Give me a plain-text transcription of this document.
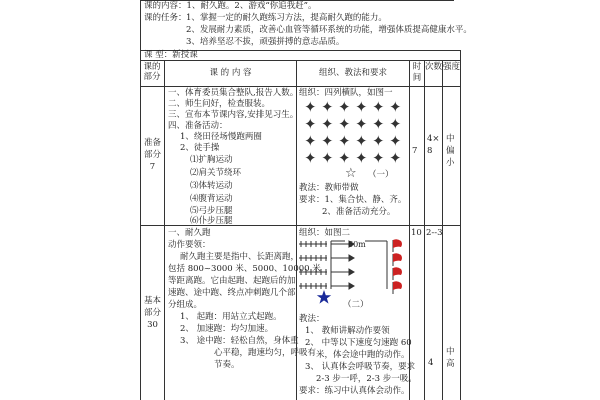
课的内容：1、耐久跑。2、游戏“你追我赶”。
课的任务： 1、掌握一定的耐久跑练习方法，提高耐久跑的能力。
2、发展耐力素质，改善心血管等循环系统的功能，增强体质提高健康水平。
3、培养坚忍不拔，顽强拼搏的意志品质。
课 型：新授课
课的部分	课 的 内 容	组织、教法和要求
时间
次数 强度
准备
部分
7
一、体育委员集合整队,报告人数。
二、师生问好，检查服装。
三、宣布本节课内容,安排见习生。
四、准备活动：
1、绕田径场慢跑两圈
2、徒手操
⑴扩胸运动
⑵肩关节绕环
⑶体转运动
⑷腹背运动
⑸弓步压腿
⑹仆步压腿
组织：四列横队，如图一
✦ ✦ ✦ ✦ ✦ ✦
✦ ✦ ✦ ✦ ✦ ✦
✦ ✦ ✦ ✦ ✦ ✦
✦ ✦ ✦ ✦ ✦ ✦
☆ （一）
教法：教师带做
要求：1、集合快、静、齐。
2、准备活动充分。
7
4×
8
中
偏
小
基本
部分
30
一、耐久跑
动作要领：
耐久跑主要是指中、长距离跑，
包括 800~3000 米、5000、10000 米
等距离跑。它由起跑、起跑后的加
速跑、途中跑、终点冲刺跑几个部
分组成。
1、 起跑：用站立式起跑。
2、 加速跑：均匀加速。
3、 途中跑：轻松自然，身体重
心平稳，跑速均匀，呼吸有
节奏。
组织：如图二
60m
（二）
教法：
1、 教师讲解动作要领
2、 中等以下速度匀速跑 60
米，体会途中跑的动作。
3、 认真体会呼吸节奏，要求
2-3 步一呼，2-3 步一吸。
要求：练习中认真体会动作。
10 2--3
4
中
高
